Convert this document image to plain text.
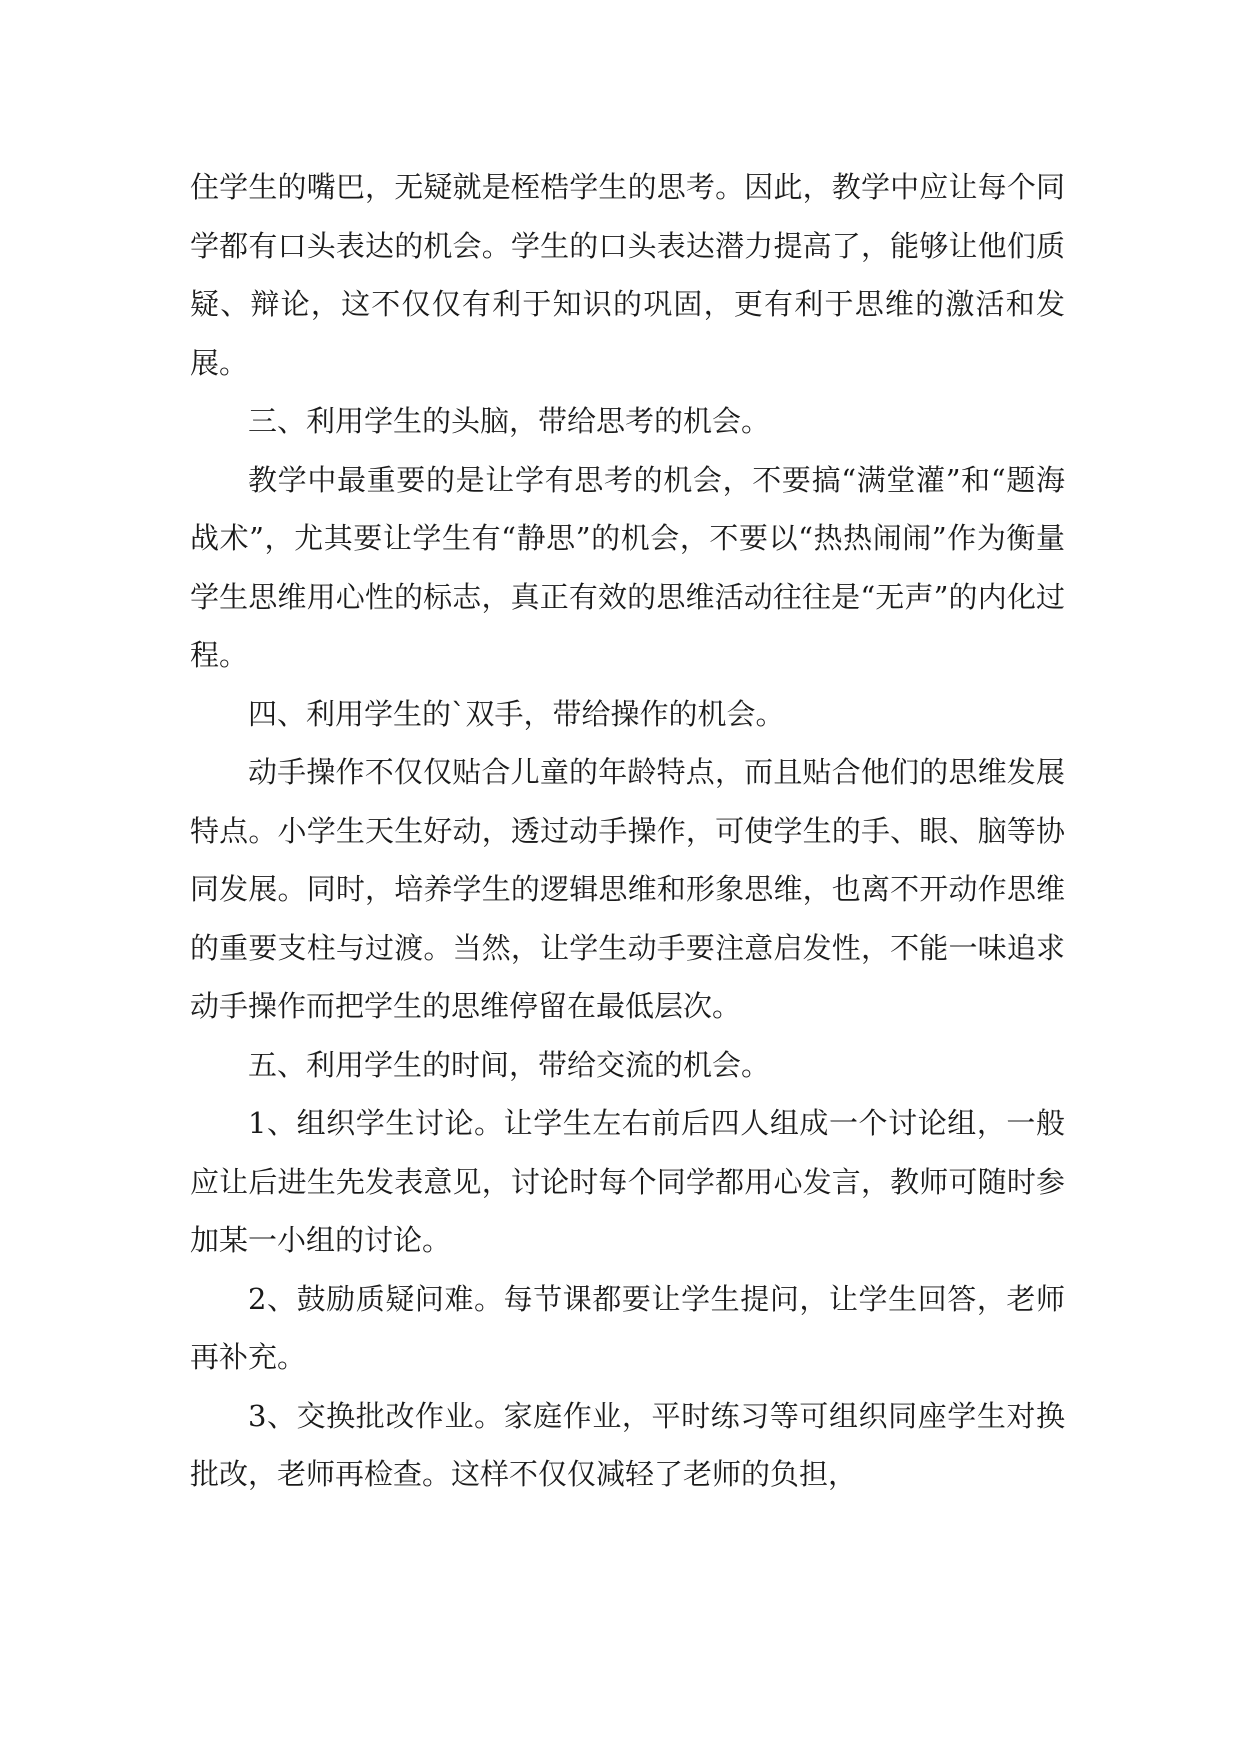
住学生的嘴巴，无疑就是桎梏学生的思考。因此，教学中应让每个同学都有口头表达的机会。学生的口头表达潜力提高了，能够让他们质疑、辩论，这不仅仅有利于知识的巩固，更有利于思维的激活和发展。

三、利用学生的头脑，带给思考的机会。

教学中最重要的是让学有思考的机会，不要搞“满堂灌”和“题海战术”，尤其要让学生有“静思”的机会，不要以“热热闹闹”作为衡量学生思维用心性的标志，真正有效的思维活动往往是“无声”的内化过程。

四、利用学生的`双手，带给操作的机会。

动手操作不仅仅贴合儿童的年龄特点，而且贴合他们的思维发展特点。小学生天生好动，透过动手操作，可使学生的手、眼、脑等协同发展。同时，培养学生的逻辑思维和形象思维，也离不开动作思维的重要支柱与过渡。当然，让学生动手要注意启发性，不能一味追求动手操作而把学生的思维停留在最低层次。

五、利用学生的时间，带给交流的机会。

1、组织学生讨论。让学生左右前后四人组成一个讨论组，一般应让后进生先发表意见，讨论时每个同学都用心发言，教师可随时参加某一小组的讨论。

2、鼓励质疑问难。每节课都要让学生提问，让学生回答，老师再补充。

3、交换批改作业。家庭作业，平时练习等可组织同座学生对换批改，老师再检查。这样不仅仅减轻了老师的负担，
